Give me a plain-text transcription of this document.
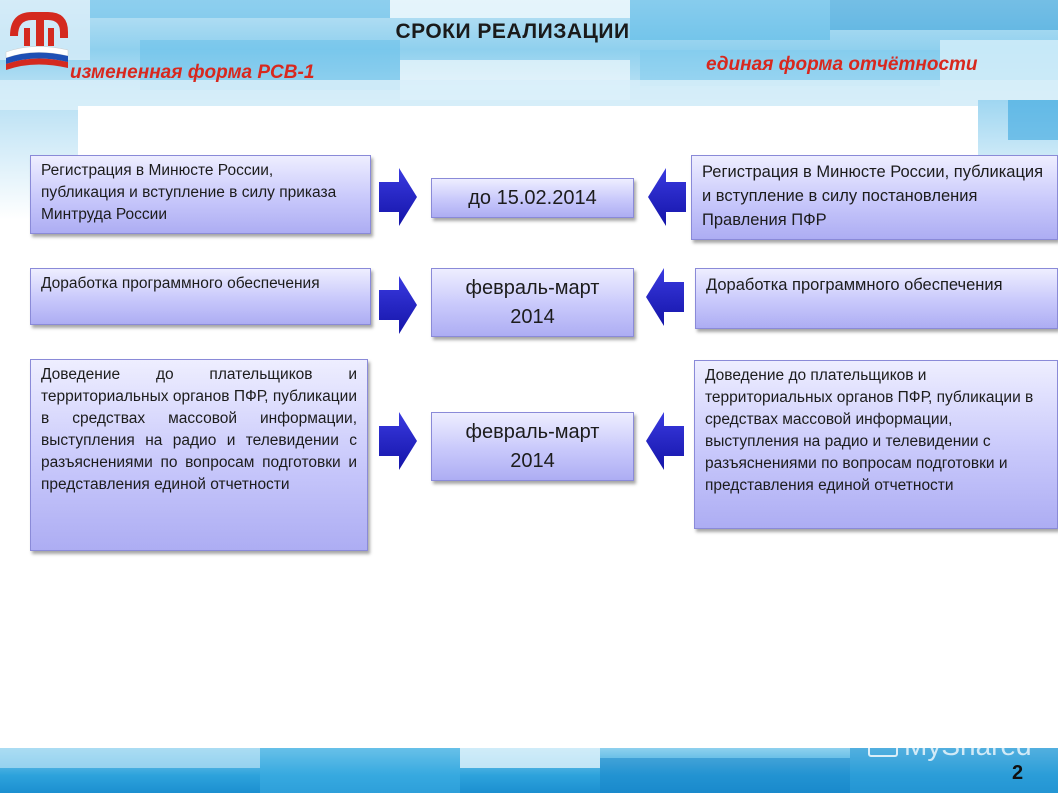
СРОКИ РЕАЛИЗАЦИИ
измененная форма РСВ-1	единая форма отчётности
Регистрация в Минюсте России, публикация и вступление в силу приказа Минтруда России
до 15.02.2014
Регистрация в Минюсте России, публикация и вступление в силу постановления Правления ПФР
Доработка программного обеспечения	февраль-март 2014
Доработка программного обеспечения
Доведение до плательщиков и территориальных органов ПФР, публикации в средствах массовой информации, выступления на радио и телевидении с разъяснениями по вопросам подготовки и представления единой отчетности
февраль-март 2014
Доведение до плательщиков и территориальных органов ПФР, публикации в средствах массовой информации, выступления на радио и телевидении с разъяснениями по вопросам подготовки и представления единой отчетности
MyShared
2
